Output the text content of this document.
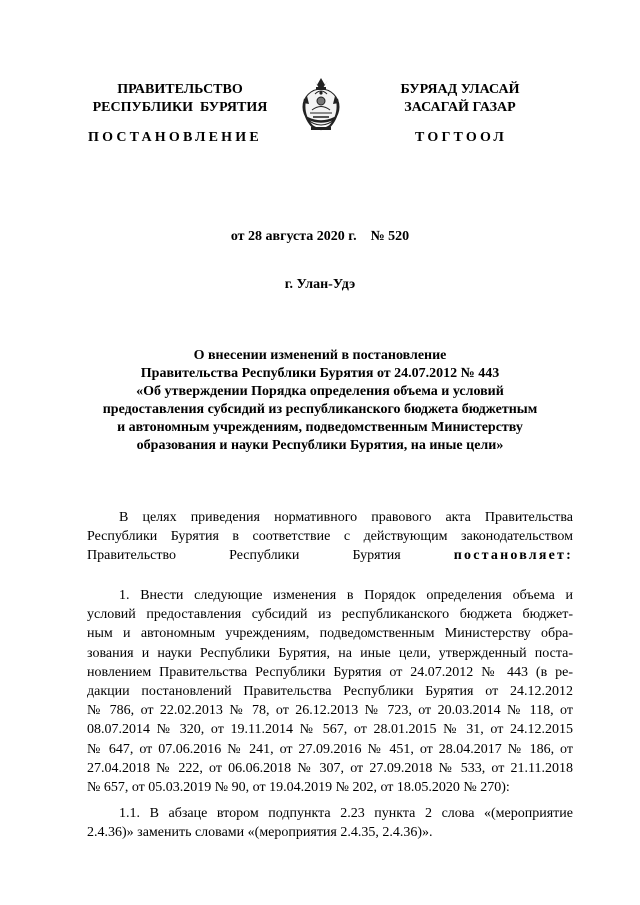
ПРАВИТЕЛЬСТВО
РЕСПУБЛИКИ  БУРЯТИЯ
БУРЯАД УЛАСАЙ
ЗАСАГАЙ ГАЗАР
ПОСТАНОВЛЕНИЕ	ТОГТООЛ
от 28 августа 2020 г. № 520
г. Улан-Удэ
О внесении изменений в постановление
Правительства Республики Бурятия от 24.07.2012 № 443
«Об утверждении Порядка определения объема и условий
предоставления субсидий из республиканского бюджета бюджетным
и автономным учреждениям, подведомственным Министерству
образования и науки Республики Бурятия, на иные цели»
В целях приведения нормативного правового акта Правительства
Республики Бурятия в соответствие с действующим законодательством
Правительство Республики Бурятия постановляет:
1. Внести следующие изменения в Порядок определения объема и
условий предоставления субсидий из республиканского бюджета бюджет-
ным и автономным учреждениям, подведомственным Министерству обра-
зования и науки Республики Бурятия, на иные цели, утвержденный поста-
новлением Правительства Республики Бурятия от 24.07.2012 № 443 (в ре-
дакции постановлений Правительства Республики Бурятия от 24.12.2012
№ 786, от 22.02.2013 № 78, от 26.12.2013 № 723, от 20.03.2014 № 118, от
08.07.2014 № 320, от 19.11.2014 № 567, от 28.01.2015 № 31, от 24.12.2015
№ 647, от 07.06.2016 № 241, от 27.09.2016 № 451, от 28.04.2017 № 186, от
27.04.2018 № 222, от 06.06.2018 № 307, от 27.09.2018 № 533, от 21.11.2018
№ 657, от 05.03.2019 № 90, от 19.04.2019 № 202, от 18.05.2020 № 270):
1.1. В абзаце втором подпункта 2.23 пункта 2 слова «(мероприятие
2.4.36)» заменить словами «(мероприятия 2.4.35, 2.4.36)».
